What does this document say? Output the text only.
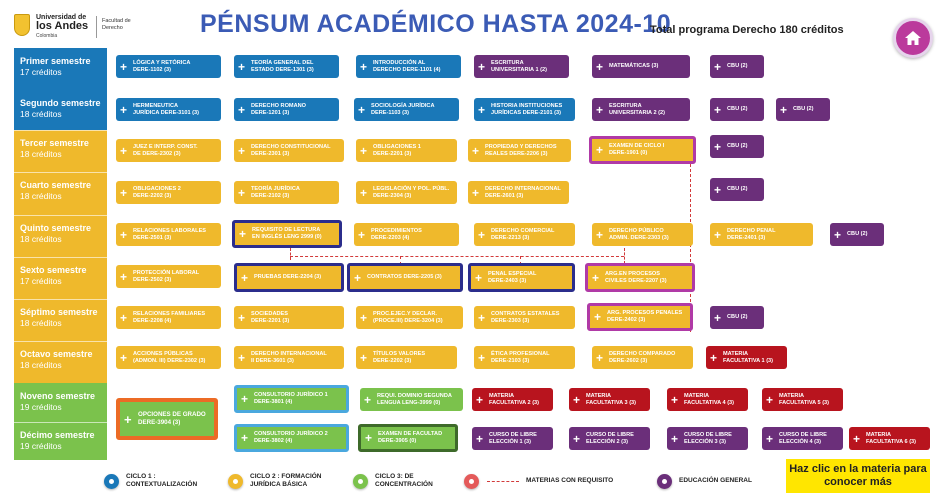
Universidad de
los Andes
Colombia
Facultad de Derecho	PÉNSUM ACADÉMICO HASTA 2024-10
Total programa Derecho 180 créditos
Primer semestre
17 créditos
Segundo semestre
18 créditos
Tercer semestre
18 créditos
Cuarto semestre
18 créditos
Quinto semestre
18 créditos
Sexto semestre
17 créditos
Séptimo semestre
18 créditos
Octavo semestre
18 créditos
Noveno semestre
19 créditos
Décimo semestre
19 créditos
+	LÓGICA Y RETÓRICA
DERE-1102 (3)	+	TEORÍA GENERAL DEL
ESTADO DERE-1301 (3)	+	INTRODUCCIÓN AL
DERECHO DERE-1101 (4)	+	ESCRITURA
UNIVERSITARIA 1 (2)	+	MATEMÁTICAS (3)	+	CBU (2)
+	HERMENEUTICA
JURÍDICA DERE-3101 (3)	+	DERECHO ROMANO
DERE-1201 (3)	+	SOCIOLOGÍA JURÍDICA
DERE-1103 (3)	+	HISTORIA INSTITUCIONES
JURÍDICAS DERE-2101 (3)	+	ESCRITURA
UNIVERSITARIA 2 (2)	+	CBU (2)	+	CBU (2)
+	JUEZ E INTERP. CONST.
DE DERE-2302 (3)	+	DERECHO CONSTITUCIONAL
DERE-2301 (3)	+	OBLIGACIONES 1
DERE-2201 (3)	+	PROPIEDAD Y DERECHOS
REALES DERE-2206 (3)	+	EXAMEN DE CICLO I
DERE-1901 (0)	+	CBU (2)
+	OBLIGACIONES 2
DERE-2202 (3)	+	TEORÍA JURÍDICA
DERE-2102 (3)	+	LEGISLACIÓN Y POL. PÚBL.
DERE-2304 (3)	+	DERECHO INTERNACIONAL
DERE-2601 (3)	+	CBU (2)
+	RELACIONES LABORALES
DERE-2501 (3)	+	REQUISITO DE LECTURA
EN INGLÉS LENG 2999 (0)	+	PROCEDIMIENTOS
DERE-2203 (4)	+	DERECHO COMERCIAL
DERE-2213 (3)	+	DERECHO PÚBLICO
ADMIN. DERE-2303 (3)	+	DERECHO PENAL
DERE-2401 (3)	+	CBU (2)
+	PROTECCIÓN LABORAL
DERE-2502 (3)	+	PRUEBAS DERE-2204 (3)	+	CONTRATOS DERE-2205 (3)	+	PENAL ESPECIAL
DERE-2403 (3)	+	ARG.EN PROCESOS
CIVILES DERE-2207 (3)
+	RELACIONES FAMILIARES
DERE-2208 (4)	+	SOCIEDADES
DERE-2201 (3)	+	PROC.EJEC.Y DECLAR.
(PROCE.III) DERE-3204 (3)	+	CONTRATOS ESTATALES
DERE-2303 (3)	+	ARG. PROCESOS PENALES
DERE-2402 (3)	+	CBU (2)
+	ACCIONES PÚBLICAS
(ADMON. III) DERE-2302 (3)	+	DERECHO INTERNACIONAL
II DERE-3601 (3)	+	TÍTULOS VALORES
DERE-2202 (3)	+	ÉTICA PROFESIONAL
DERE-2103 (3)	+	DERECHO COMPARADO
DERE-2602 (3)	+	MATERIA
FACULTATIVA 1 (3)
+	CONSULTORIO JURÍDICO 1
DERE-3801 (4)	+	REQUI. DOMINIO SEGUNDA
LENGUA LENG-3999 (0)	+	MATERIA
FACULTATIVA 2 (3)	+	MATERIA
FACULTATIVA 3 (3)	+	MATERIA
FACULTATIVA 4 (3)	+	MATERIA
FACULTATIVA 5 (3)
+	CONSULTORIO JURÍDICO 2
DERE-3802 (4)	+	EXAMEN DE FACULTAD
DERE-3905 (0)	+	CURSO DE LIBRE
ELECCIÓN 1 (3)	+	CURSO DE LIBRE
ELECCIÓN 2 (3)	+	CURSO DE LIBRE
ELECCIÓN 3 (3)	+	CURSO DE LIBRE
ELECCIÓN 4 (3)	+	MATERIA
FACULTATIVA 6 (3)
+	OPCIONES DE GRADO
DERE-3904 (3)
CICLO 1 :
CONTEXTUALIZACIÓN
CICLO 2 : FORMACIÓN
JURÍDICA BÁSICA
CICLO 3: DE
CONCENTRACIÓN
MATERIAS CON REQUISITO	EDUCACIÓN GENERAL
Haz clic en la materia para conocer más
